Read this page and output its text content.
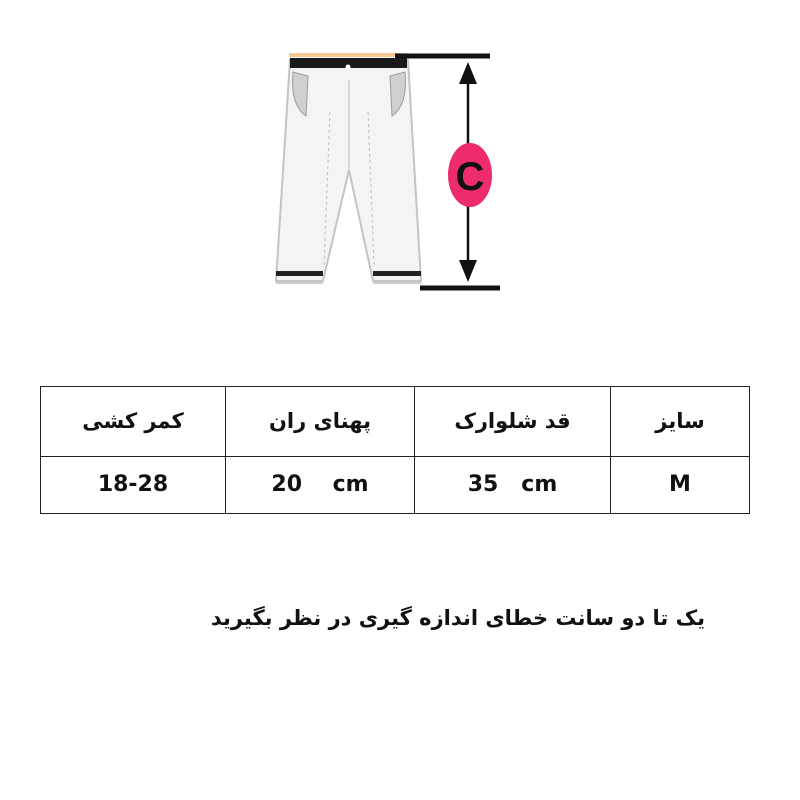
C
سایز	قد شلوارک	پهنای ران	کمر کشی
M	35   cm	20    cm	18-28
یک تا دو سانت خطای اندازه گیری در نظر بگیرید
